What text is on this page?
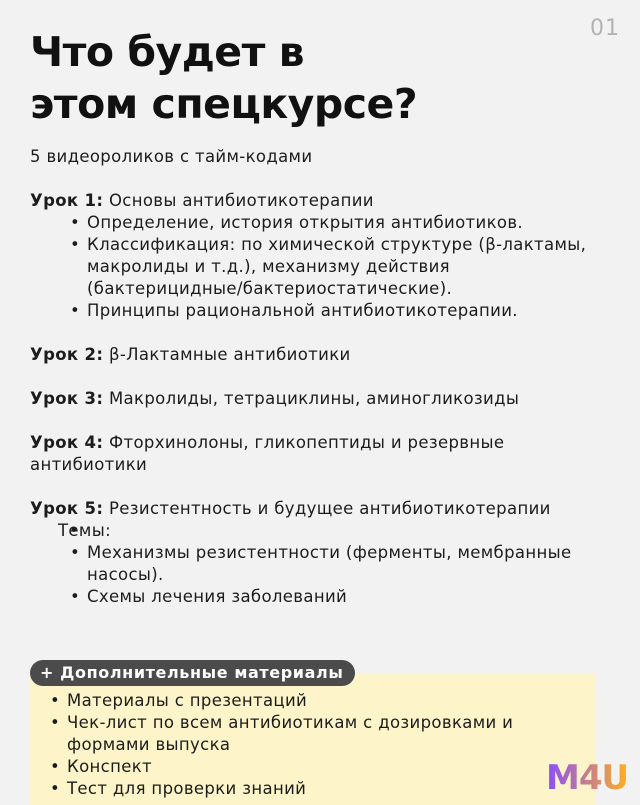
01
Что будет в
этом спецкурсе?

5 видеороликов с тайм-кодами

Урок 1: Основы антибиотикотерапии
• Определение, история открытия антибиотиков.
• Классификация: по химической структуре (β-лактамы, макролиды и т.д.), механизму действия (бактерицидные/бактериостатические).
• Принципы рациональной антибиотикотерапии.
Урок 2: β-Лактамные антибиотики
Урок 3: Макролиды, тетрациклины, аминогликозиды
Урок 4: Фторхинолоны, гликопептиды и резервные антибиотики
Урок 5: Резистентность и будущее антибиотикотерапии
• Темы:
• Механизмы резистентности (ферменты, мембранные насосы).
• Схемы лечения заболеваний
+ Дополнительные материалы
• Материалы с презентаций
• Чек-лист по всем антибиотикам с дозировками и формами выпуска
• Конспект
• Тест для проверки знаний	M4U
